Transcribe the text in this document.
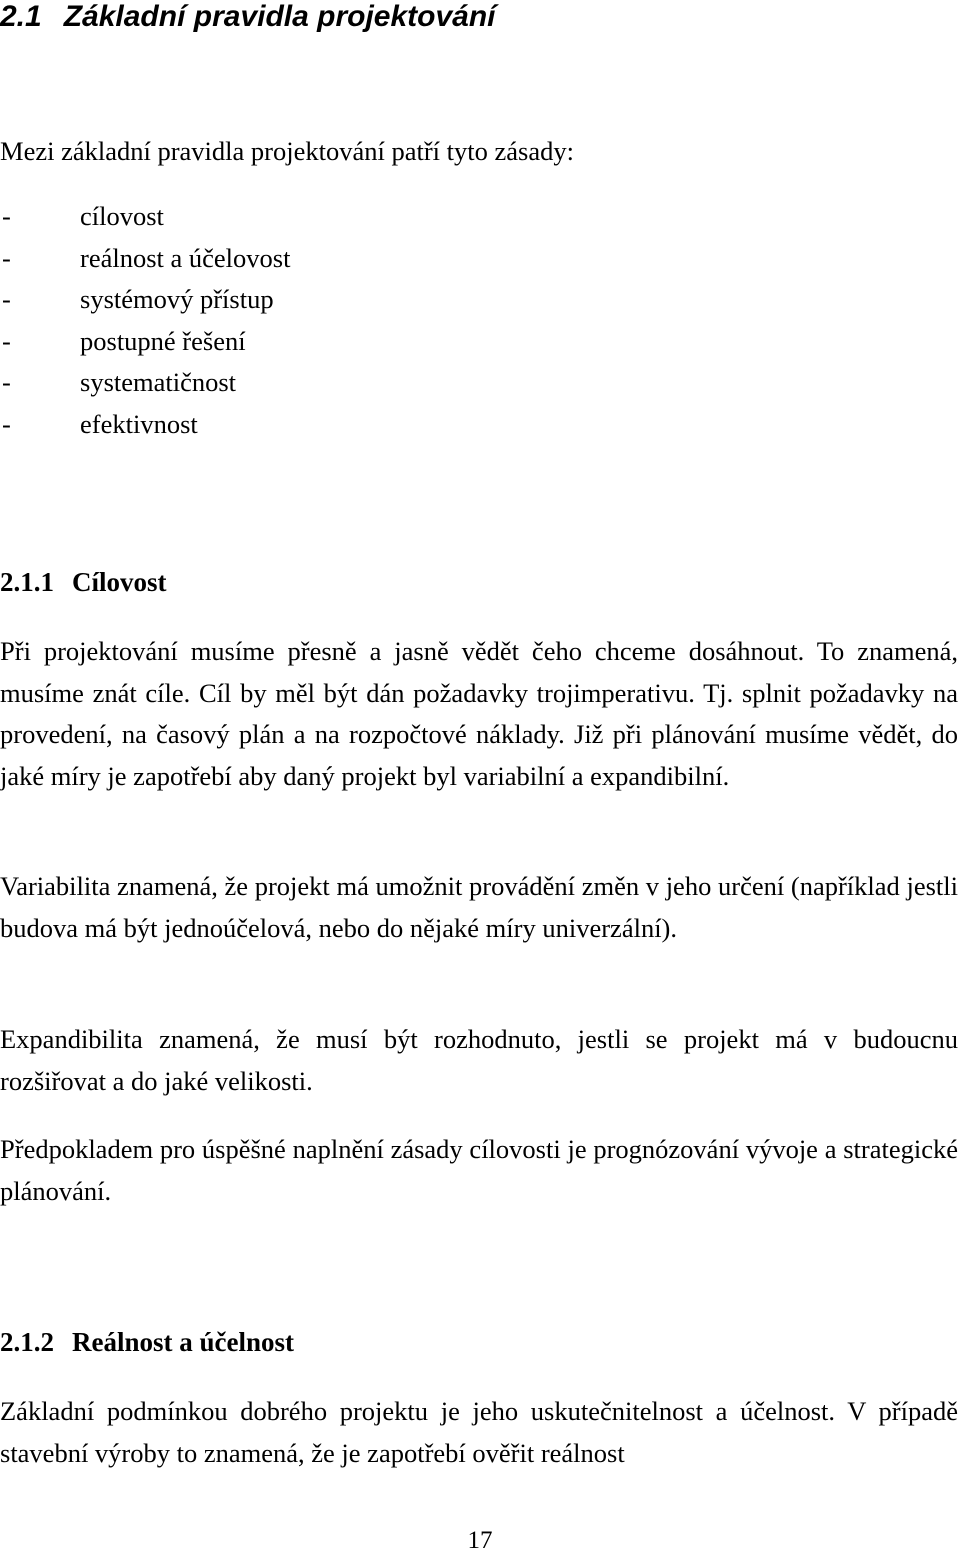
2.1 Základní pravidla projektování

Mezi základní pravidla projektování patří tyto zásady:

-	cílovost
-	reálnost a účelovost
-	systémový přístup
-	postupné řešení
-	systematičnost
-	efektivnost
2.1.1 Cílovost

Při projektování musíme přesně a jasně vědět čeho chceme dosáhnout. To znamená, musíme znát cíle. Cíl by měl být dán požadavky trojimperativu. Tj. splnit požadavky na provedení, na časový plán a na rozpočtové náklady. Již při plánování musíme vědět, do jaké míry je zapotřebí aby daný projekt byl variabilní a expandibilní.

Variabilita znamená, že projekt má umožnit provádění změn v jeho určení (například jestli budova má být jednoúčelová, nebo do nějaké míry univerzální).

Expandibilita znamená, že musí být rozhodnuto, jestli se projekt má v budoucnu rozšiřovat a do jaké velikosti.

Předpokladem pro úspěšné naplnění zásady cílovosti je prognózování vývoje a strategické plánování.

2.1.2 Reálnost a účelnost

Základní podmínkou dobrého projektu je jeho uskutečnitelnost a účelnost. V případě stavební výroby to znamená, že je zapotřebí ověřit reálnost

17
